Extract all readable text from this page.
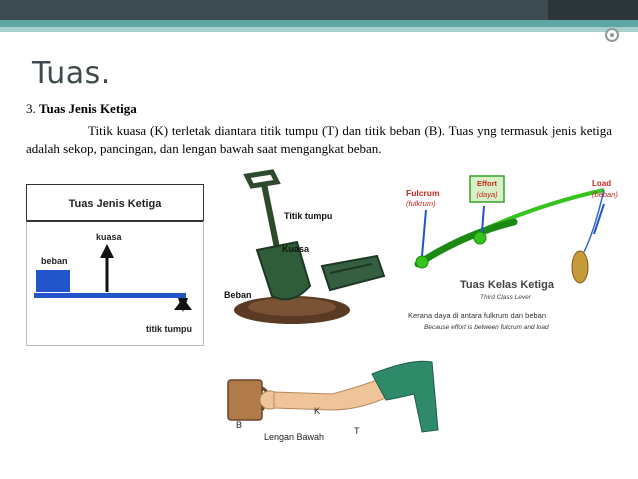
Tuas.
3. Tuas Jenis Ketiga
Titik kuasa (K) terletak diantara titik tumpu (T) dan titik beban (B). Tuas yng termasuk jenis ketiga adalah sekop, pancingan, dan lengan bawah saat mengangkat beban.
Tuas Jenis Ketiga
beban
kuasa
titik tumpu
Titik tumpu
Kuasa
Beban
Effort
(daya)
Fulcrum
(fulkrum)
Load
(beban)
Tuas Kelas Ketiga
Third Class Lever
Kerana daya di antara fulkrum dan beban
Because effort is between fulcrum and load
B
K
T
Lengan Bawah
